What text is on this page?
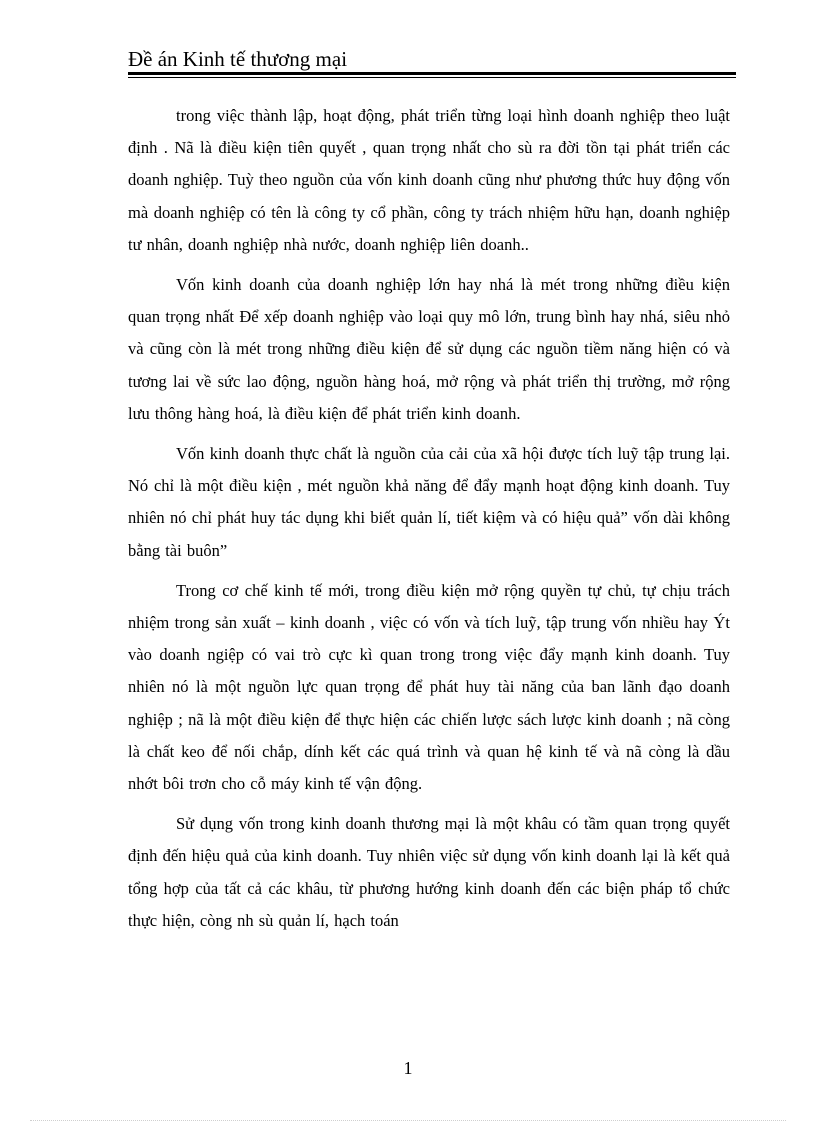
Đề án Kinh tế thương mại

trong việc thành lập, hoạt động, phát triển từng loại hình doanh nghiệp theo luật định . Nã là điều kiện tiên quyết , quan trọng nhất cho sù ra đời tồn tại phát triển các doanh nghiệp. Tuỳ theo nguồn của vốn kinh doanh cũng như phương thức huy động vốn mà doanh nghiệp có tên là công ty cổ phần, công ty trách nhiệm hữu hạn, doanh nghiệp tư nhân, doanh nghiệp nhà nước, doanh nghiệp liên doanh..

Vốn kinh doanh của doanh nghiệp lớn hay nhá là mét trong những điều kiện quan trọng nhất Để xếp doanh nghiệp vào loại quy mô lớn, trung bình hay nhá, siêu nhỏ và cũng còn là mét trong những điều kiện để sử dụng các nguồn tiềm năng hiện có và tương lai về sức lao động, nguồn hàng hoá, mở rộng và phát triển thị trường, mở rộng lưu thông hàng hoá, là điều kiện để phát triển kinh doanh.

Vốn kinh doanh thực chất là nguồn của cải của xã hội được tích luỹ tập trung lại. Nó chỉ là một điều kiện , mét nguồn khả năng để đẩy mạnh hoạt động kinh doanh. Tuy nhiên nó chỉ phát huy tác dụng khi biết quản lí, tiết kiệm và có hiệu quả” vốn dài không bằng tài buôn”

Trong cơ chế kinh tế mới, trong điều kiện mở rộng quyền tự chủ, tự chịu trách nhiệm trong sản xuất – kinh doanh , việc có vốn và tích luỹ, tập trung vốn nhiều hay Ýt vào doanh ngiệp có vai trò cực kì quan trong trong việc đẩy mạnh kinh doanh. Tuy nhiên nó là một nguồn lực quan trọng để phát huy tài năng của ban lãnh đạo doanh nghiệp ; nã là một điều kiện để thực hiện các chiến lược sách lược kinh doanh ; nã còng là chất keo để nối chắp, dính kết các quá trình và quan hệ kinh tế và nã còng là dầu nhớt bôi trơn cho cỗ máy kinh tế vận động.

Sử dụng vốn trong kinh doanh thương mại là một khâu có tầm quan trọng quyết định đến hiệu quả của kinh doanh. Tuy nhiên việc sử dụng vốn kinh doanh lại là kết quả tổng hợp của tất cả các khâu, từ phương hướng kinh doanh đến các biện pháp tổ chức thực hiện, còng nh sù quản lí, hạch toán

1
